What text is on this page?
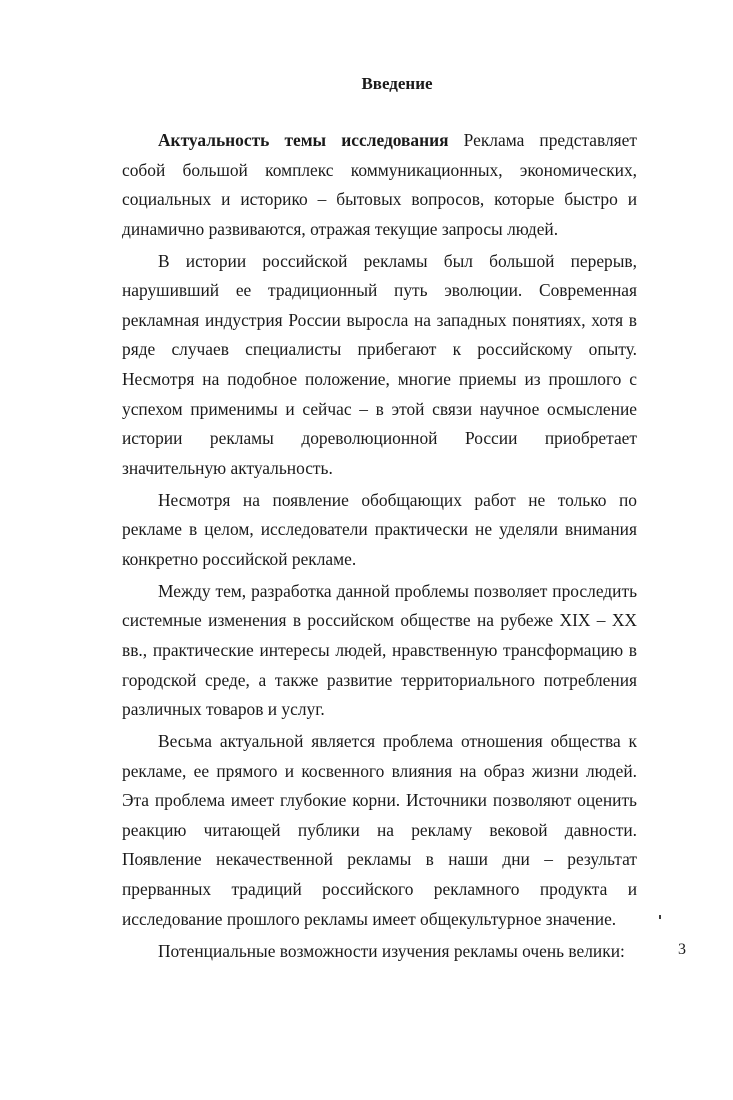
Введение

Актуальность темы исследования Реклама представляет собой большой комплекс коммуникационных, экономических, социальных и историко – бытовых вопросов, которые быстро и динамично развиваются, отражая текущие запросы людей.

В истории российской рекламы был большой перерыв, нарушивший ее традиционный путь эволюции. Современная рекламная индустрия России выросла на западных понятиях, хотя в ряде случаев специалисты прибегают к российскому опыту. Несмотря на подобное положение, многие приемы из прошлого с успехом применимы и сейчас – в этой связи научное осмысление истории рекламы дореволюционной России приобретает значительную актуальность.

Несмотря на появление обобщающих работ не только по рекламе в целом, исследователи практически не уделяли внимания конкретно российской рекламе.

Между тем, разработка данной проблемы позволяет проследить системные изменения в российском обществе на рубеже XIX – XX вв., практические интересы людей, нравственную трансформацию в городской среде, а также развитие территориального потребления различных товаров и услуг.

Весьма актуальной является проблема отношения общества к рекламе, ее прямого и косвенного влияния на образ жизни людей. Эта проблема имеет глубокие корни. Источники позволяют оценить реакцию читающей публики на рекламу вековой давности. Появление некачественной рекламы в наши дни – результат прерванных традиций российского рекламного продукта и исследование прошлого рекламы имеет общекультурное значение.

Потенциальные возможности изучения рекламы очень велики:	3
